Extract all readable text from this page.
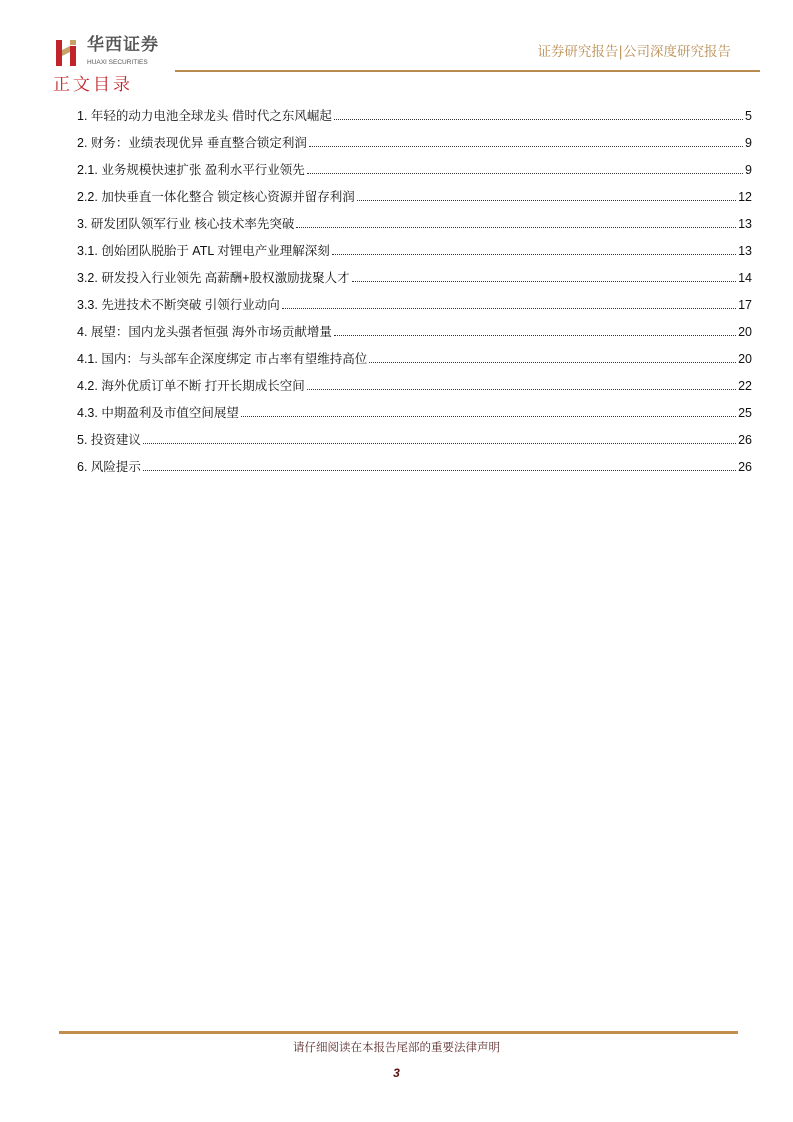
华西证券
HUAXI SECURITIES
证券研究报告|公司深度研究报告
正文目录
1. 年轻的动力电池全球龙头 借时代之东风崛起	5
2. 财务：业绩表现优异 垂直整合锁定利润	9
2.1. 业务规模快速扩张 盈利水平行业领先	9
2.2. 加快垂直一体化整合 锁定核心资源并留存利润	12
3. 研发团队领军行业 核心技术率先突破	13
3.1. 创始团队脱胎于 ATL 对锂电产业理解深刻	13
3.2. 研发投入行业领先 高薪酬+股权激励拢聚人才	14
3.3. 先进技术不断突破 引领行业动向	17
4. 展望：国内龙头强者恒强 海外市场贡献增量	20
4.1. 国内：与头部车企深度绑定 市占率有望维持高位	20
4.2. 海外优质订单不断 打开长期成长空间	22
4.3. 中期盈利及市值空间展望	25
5. 投资建议	26
6. 风险提示	26
请仔细阅读在本报告尾部的重要法律声明
3
